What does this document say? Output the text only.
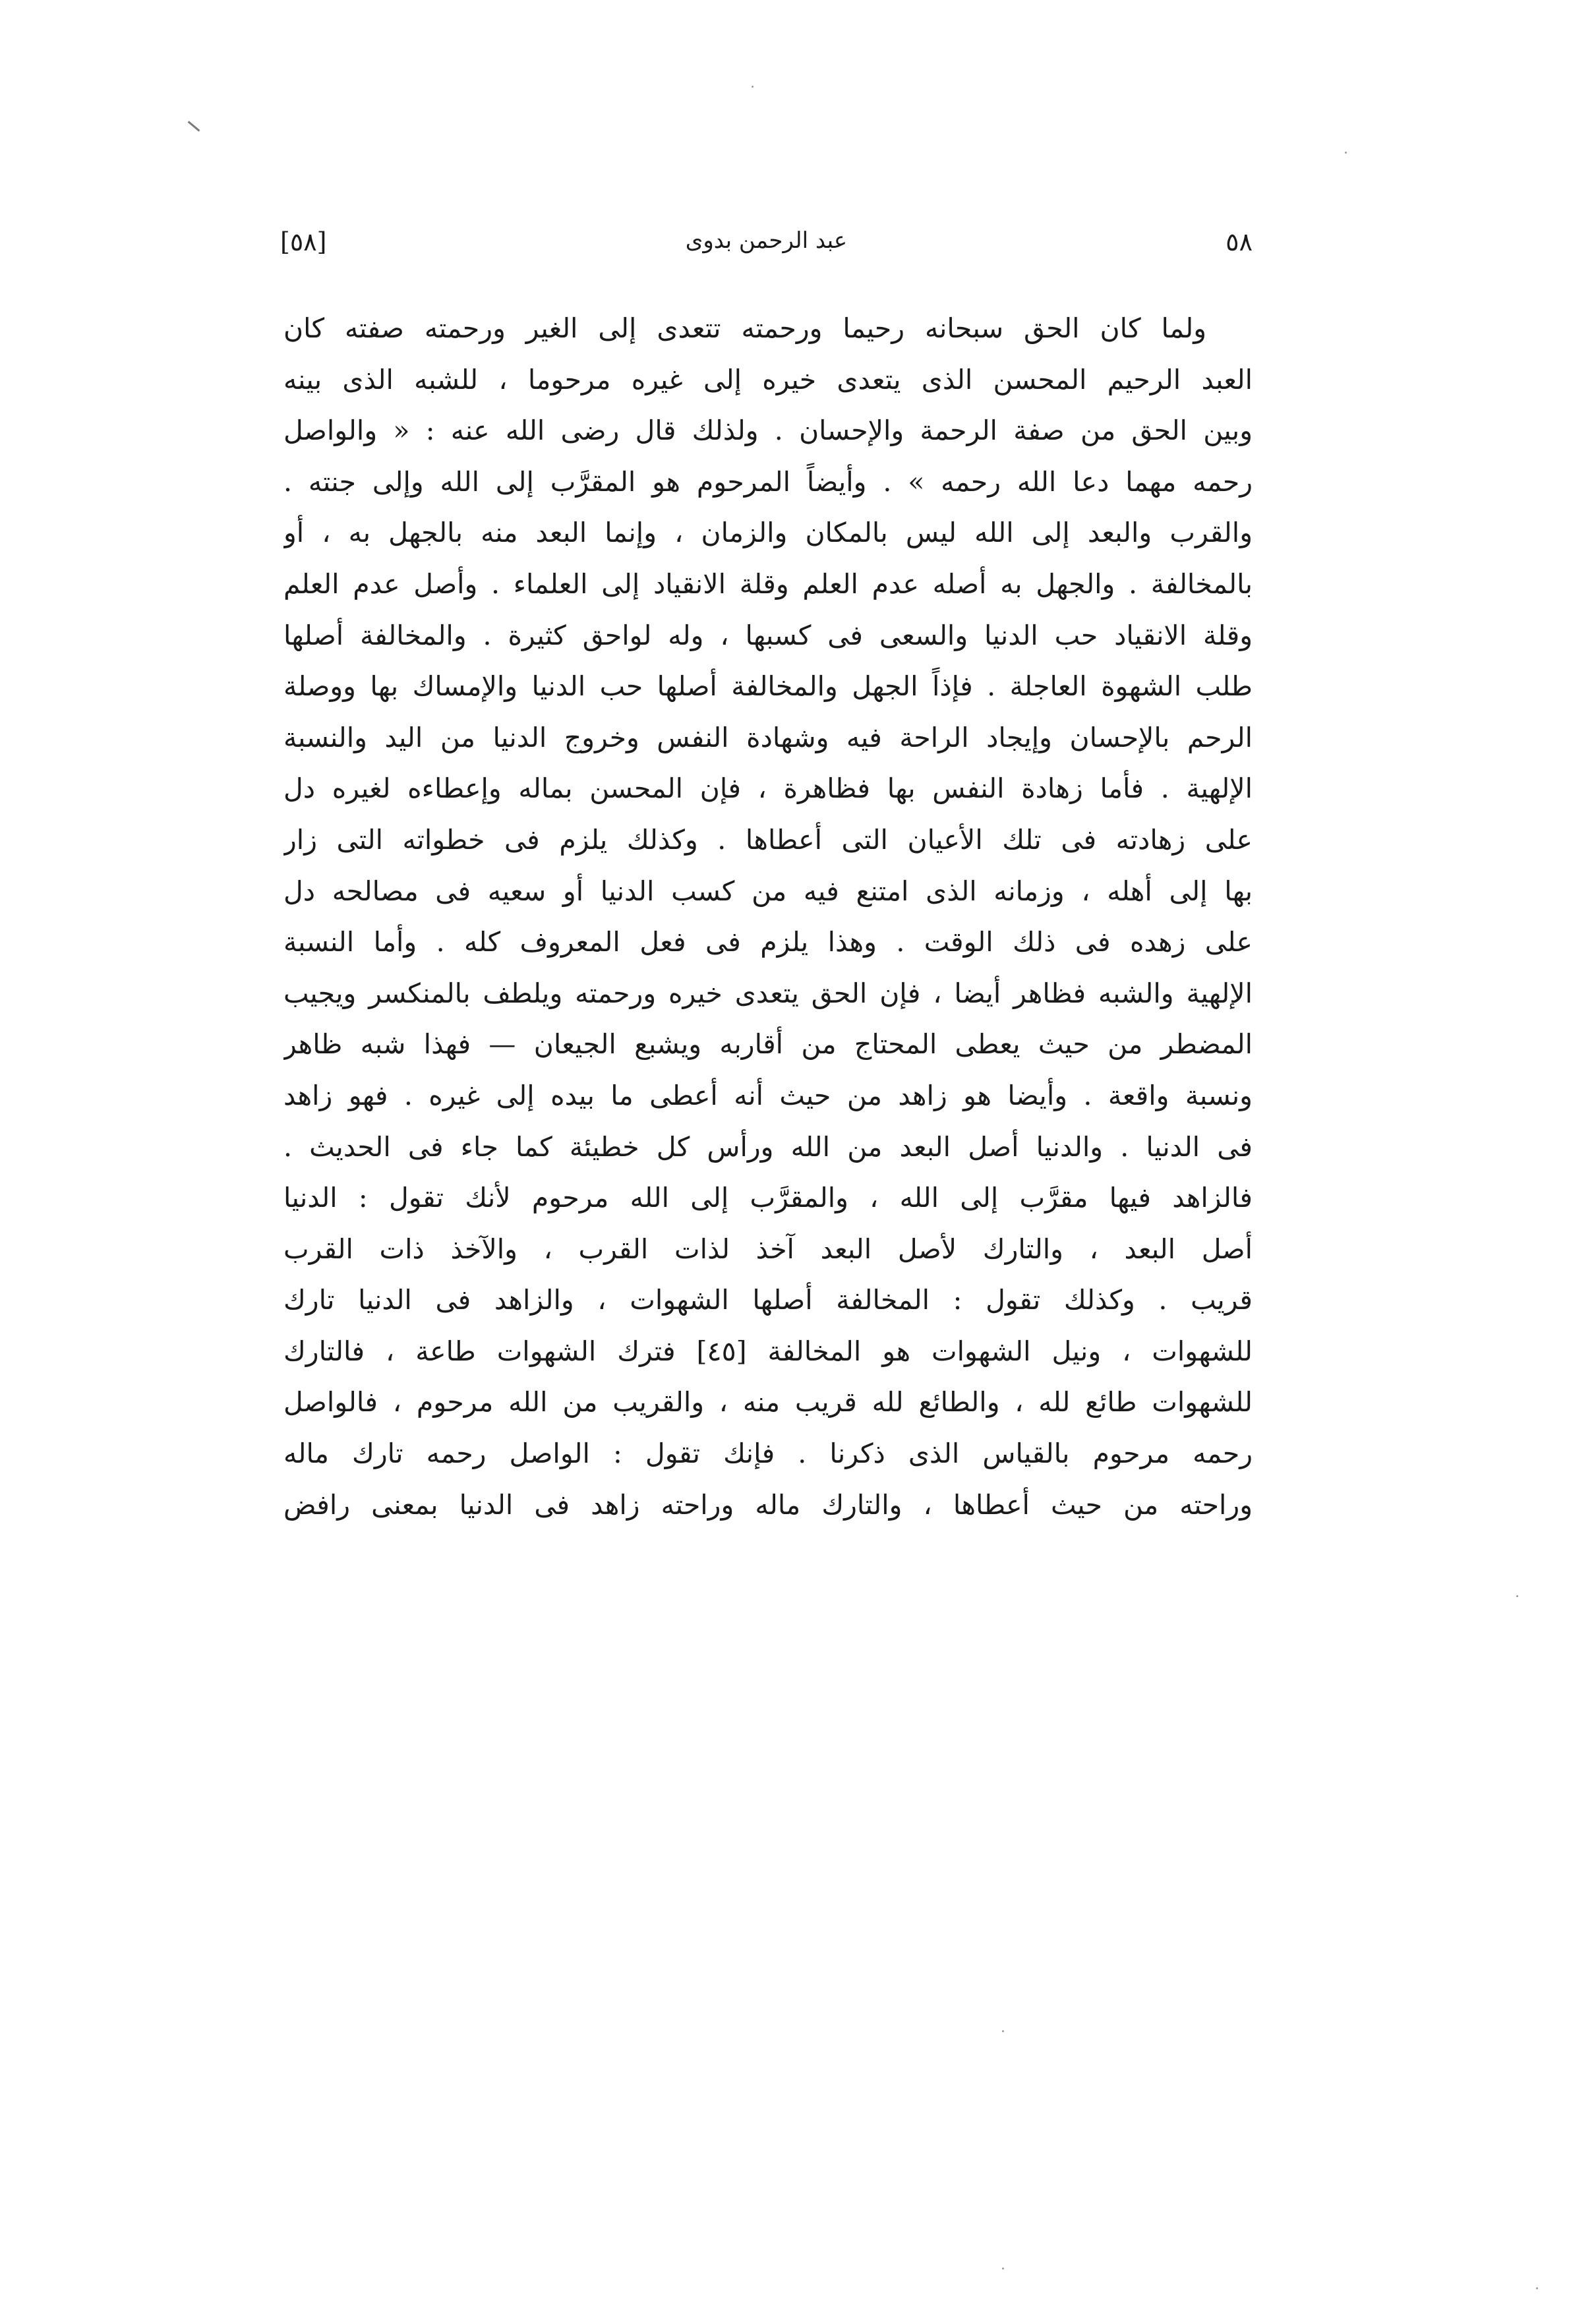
٥٨
عبد الرحمن بدوى
[٥٨]
ولما كان الحق سبحانه رحيما ورحمته تتعدى إلى الغير ورحمته صفته كان
العبد الرحيم المحسن الذى يتعدى خيره إلى غيره مرحوما ، للشبه الذى بينه
وبين الحق من صفة الرحمة والإحسان . ولذلك قال رضى الله عنه : « والواصل
رحمه مهما دعا الله رحمه » . وأيضاً المرحوم هو المقرَّب إلى الله وإلى جنته .
والقرب والبعد إلى الله ليس بالمكان والزمان ، وإنما البعد منه بالجهل به ، أو
بالمخالفة . والجهل به أصله عدم العلم وقلة الانقياد إلى العلماء . وأصل عدم العلم
وقلة الانقياد حب الدنيا والسعى فى كسبها ، وله لواحق كثيرة . والمخالفة أصلها
طلب الشهوة العاجلة . فإذاً الجهل والمخالفة أصلها حب الدنيا والإمساك بها ووصلة
الرحم بالإحسان وإيجاد الراحة فيه وشهادة النفس وخروج الدنيا من اليد والنسبة
الإلهية . فأما زهادة النفس بها فظاهرة ، فإن المحسن بماله وإعطاءه لغيره دل
على زهادته فى تلك الأعيان التى أعطاها . وكذلك يلزم فى خطواته التى زار
بها إلى أهله ، وزمانه الذى امتنع فيه من كسب الدنيا أو سعيه فى مصالحه دل
على زهده فى ذلك الوقت . وهذا يلزم فى فعل المعروف كله . وأما النسبة
الإلهية والشبه فظاهر أيضا ، فإن الحق يتعدى خيره ورحمته ويلطف بالمنكسر ويجيب
المضطر من حيث يعطى المحتاج من أقاربه ويشبع الجيعان — فهذا شبه ظاهر
ونسبة واقعة . وأيضا هو زاهد من حيث أنه أعطى ما بيده إلى غيره . فهو زاهد
فى الدنيا . والدنيا أصل البعد من الله ورأس كل خطيئة كما جاء فى الحديث .
فالزاهد فيها مقرَّب إلى الله ، والمقرَّب إلى الله مرحوم لأنك تقول : الدنيا
أصل البعد ، والتارك لأصل البعد آخذ لذات القرب ، والآخذ ذات القرب
قريب . وكذلك تقول : المخالفة أصلها الشهوات ، والزاهد فى الدنيا تارك
للشهوات ، ونيل الشهوات هو المخالفة [٤٥] فترك الشهوات طاعة ، فالتارك
للشهوات طائع لله ، والطائع لله قريب منه ، والقريب من الله مرحوم ، فالواصل
رحمه مرحوم بالقياس الذى ذكرنا . فإنك تقول : الواصل رحمه تارك ماله
وراحته من حيث أعطاها ، والتارك ماله وراحته زاهد فى الدنيا بمعنى رافض
